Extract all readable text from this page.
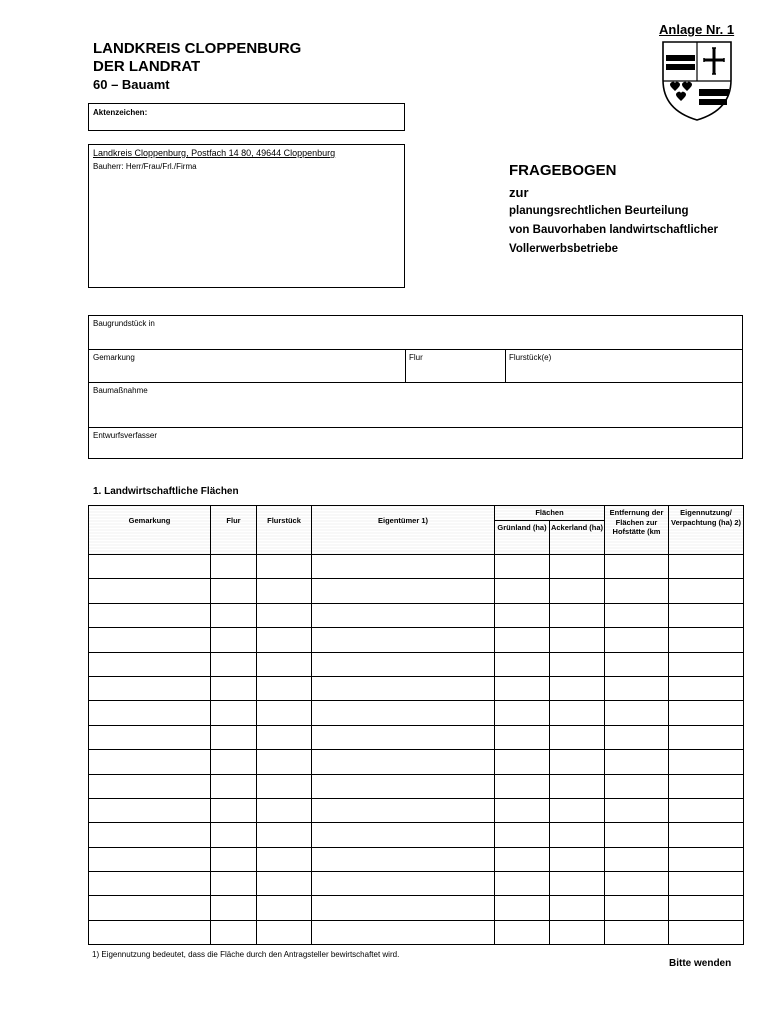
Anlage Nr. 1
LANDKREIS CLOPPENBURG
DER LANDRAT
60 – Bauamt
Aktenzeichen:
Landkreis Cloppenburg, Postfach 14 80, 49644 Cloppenburg
Bauherr: Herr/Frau/Frl./Firma	FRAGEBOGEN
zur
planungsrechtlichen Beurteilung
von Bauvorhaben landwirtschaftlicher
Vollerwerbsbetriebe
Baugrundstück in
Gemarkung	Flur	Flurstück(e)
Baumaßnahme
Entwurfsverfasser
1. Landwirtschaftliche Flächen
Gemarkung	Flur	Flurstück	Eigentümer 1)	Flächen		Entfernung der Flächen zur Hofstätte (km	Eigennutzung/ Verpachtung (ha) 2)
				Grünland (ha)	Ackerland (ha)		

1) Eigennutzung bedeutet, dass die Fläche durch den Antragsteller bewirtschaftet wird.
Bitte wenden
